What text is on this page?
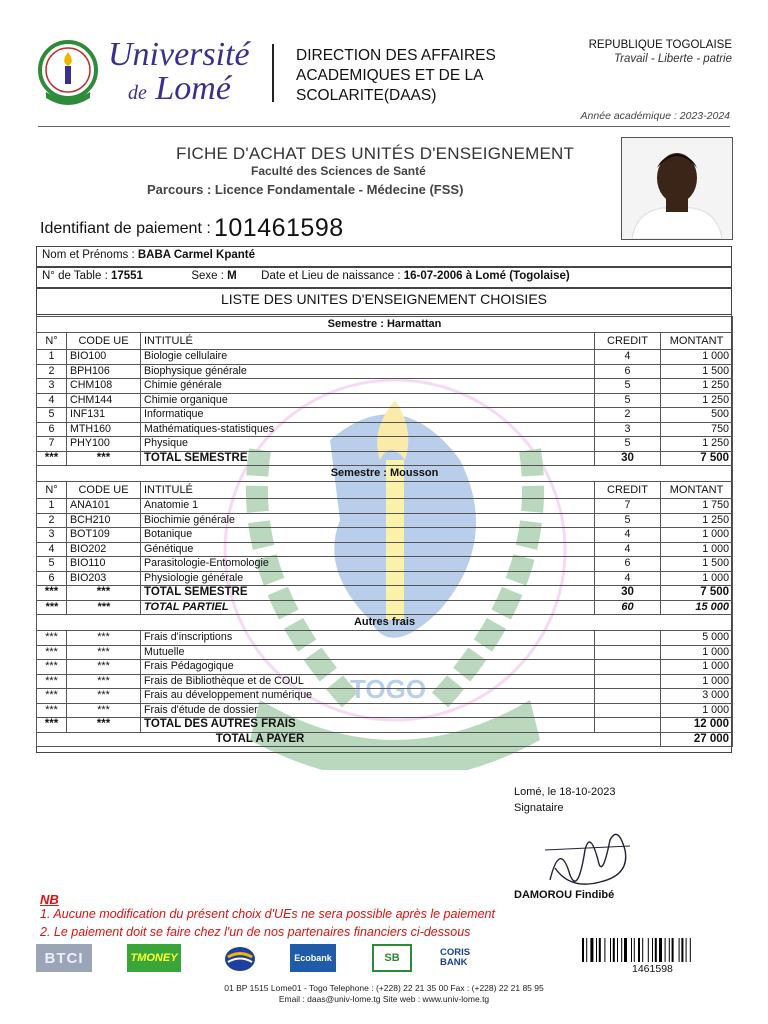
Université
de Lomé
DIRECTION DES AFFAIRES ACADEMIQUES ET DE LA SCOLARITE(DAAS)
REPUBLIQUE TOGOLAISE
Travail - Liberte - patrie
Année académique : 2023-2024
FICHE D'ACHAT DES UNITÉS D'ENSEIGNEMENT
Faculté des Sciences de Santé
Parcours : Licence Fondamentale - Médecine (FSS)
Identifiant de paiement : 101461598
Nom et Prénoms : BABA Carmel Kpanté
N° de Table : 17551	Sexe : M Date et Lieu de naissance : 16-07-2006 à Lomé (Togolaise)
LISTE DES UNITES D'ENSEIGNEMENT CHOISIES
TOGO
Semestre : Harmattan				
N°	CODE UE	INTITULÉ	CREDIT	MONTANT
1	BIO100	Biologie cellulaire	4	1 000
2	BPH106	Biophysique générale	6	1 500
3	CHM108	Chimie générale	5	1 250
4	CHM144	Chimie organique	5	1 250
5	INF131	Informatique	2	500
6	MTH160	Mathématiques-statistiques	3	750
7	PHY100	Physique	5	1 250
***	***	TOTAL SEMESTRE	30	7 500
Semestre : Mousson				
N°	CODE UE	INTITULÉ	CREDIT	MONTANT
1	ANA101	Anatomie 1	7	1 750
2	BCH210	Biochimie générale	5	1 250
3	BOT109	Botanique	4	1 000
4	BIO202	Génétique	4	1 000
5	BIO110	Parasitologie-Entomologie	6	1 500
6	BIO203	Physiologie générale	4	1 000
***	***	TOTAL SEMESTRE	30	7 500
***	***	TOTAL PARTIEL	60	15 000
Autres frais				
***	***	Frais d'inscriptions		5 000
***	***	Mutuelle		1 000
***	***	Frais Pédagogique		1 000
***	***	Frais de Bibliothèque et de COUL		1 000
***	***	Frais au développement numérique		3 000
***	***	Frais d'étude de dossier		1 000
***	***	TOTAL DES AUTRES FRAIS		12 000
TOTAL A PAYER				27 000
Lomé, le 18-10-2023
Signataire
DAMOROU Findibé
NB
1. Aucune modification du présent choix d'UEs ne sera possible après le paiement
2. Le paiement doit se faire chez l'un de nos partenaires financiers ci-dessous
BTCI	TMONEY	Ecobank	SB	CORIS BANK
1461598
01 BP 1515 Lome01 - Togo Telephone : (+228) 22 21 35 00 Fax : (+228) 22 21 85 95
Email : daas@univ-lome.tg Site web : www.univ-lome.tg
